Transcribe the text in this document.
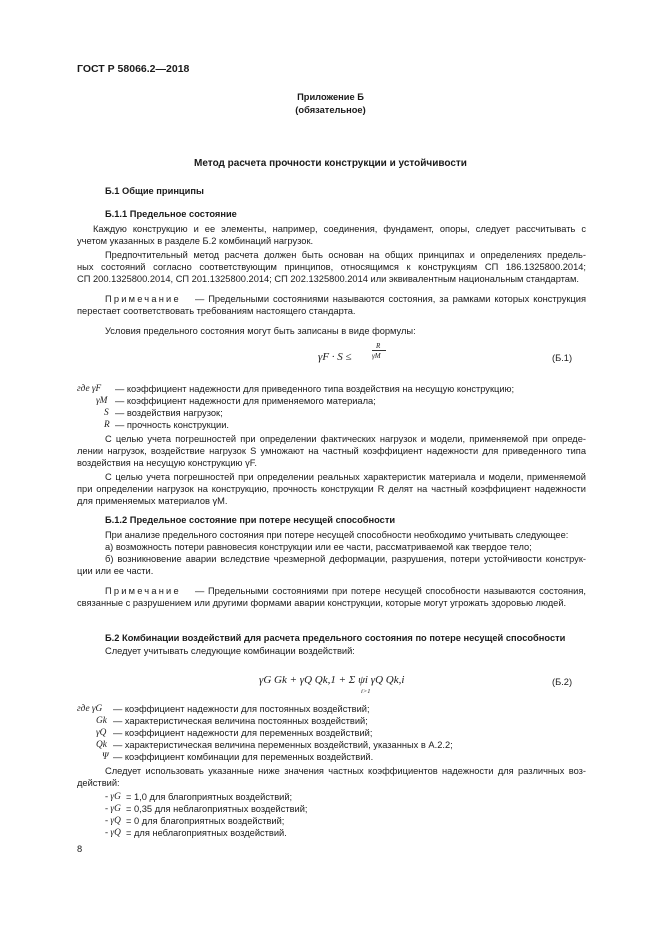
ГОСТ Р 58066.2—2018
Приложение Б
(обязательное)
Метод расчета прочности конструкции и устойчивости
Б.1 Общие принципы
Б.1.1 Предельное состояние
Каждую конструкцию и ее элементы, например, соединения, фундамент, опоры, следует рассчитывать с
учетом указанных в разделе Б.2 комбинаций нагрузок.
Предпочтительный метод расчета должен быть основан на общих принципах и определениях предель-
ных состояний согласно соответствующим принципов, относящимся к конструкциям СП 186.1325800.2014;
СП 200.1325800.2014, СП 201.1325800.2014; СП 202.1325800.2014 или эквивалентным национальным стандартам.
Примечание — Предельными состояниями называются состояния, за рамками которых конструкция
перестает соответствовать требованиям настоящего стандарта.
Условия предельного состояния могут быть записаны в виде формулы:
γF · S ≤
R
γM	(Б.1)
где γF — коэффициент надежности для приведенного типа воздействия на несущую конструкцию;
γM — коэффициент надежности для применяемого материала;
S — воздействия нагрузок;
R — прочность конструкции.
С целью учета погрешностей при определении фактических нагрузок и модели, применяемой при опреде-
лении нагрузок, воздействие нагрузок S умножают на частный коэффициент надежности для приведенного типа
воздействия на несущую конструкцию γF.
С целью учета погрешностей при определении реальных характеристик материала и модели, применяемой
при определении нагрузок на конструкцию, прочность конструкции R делят на частный коэффициент надежности
для применяемых материалов γM.
Б.1.2 Предельное состояние при потере несущей способности
При анализе предельного состояния при потере несущей способности необходимо учитывать следующее:
а) возможность потери равновесия конструкции или ее части, рассматриваемой как твердое тело;
б) возникновение аварии вследствие чрезмерной деформации, разрушения, потери устойчивости конструк-
ции или ее части.
Примечание — Предельными состояниями при потере несущей способности называются состояния,
связанные с разрушением или другими формами аварии конструкции, которые могут угрожать здоровью людей.
Б.2 Комбинации воздействий для расчета предельного состояния по потере несущей способности
Следует учитывать следующие комбинации воздействий:
γG Gk + γQ Qk,1 + Σ ψi γQ Qk,i
i>1
(Б.2)
где γG — коэффициент надежности для постоянных воздействий;
Gk — характеристическая величина постоянных воздействий;
γQ — коэффициент надежности для переменных воздействий;
Qk — характеристическая величина переменных воздействий, указанных в А.2.2;
Ψ — коэффициент комбинации для переменных воздействий.
Следует использовать указанные ниже значения частных коэффициентов надежности для различных воз-
действий:
- γG = 1,0 для благоприятных воздействий;
- γG = 0,35 для неблагоприятных воздействий;
- γQ = 0 для благоприятных воздействий;
- γQ = для неблагоприятных воздействий.
8
